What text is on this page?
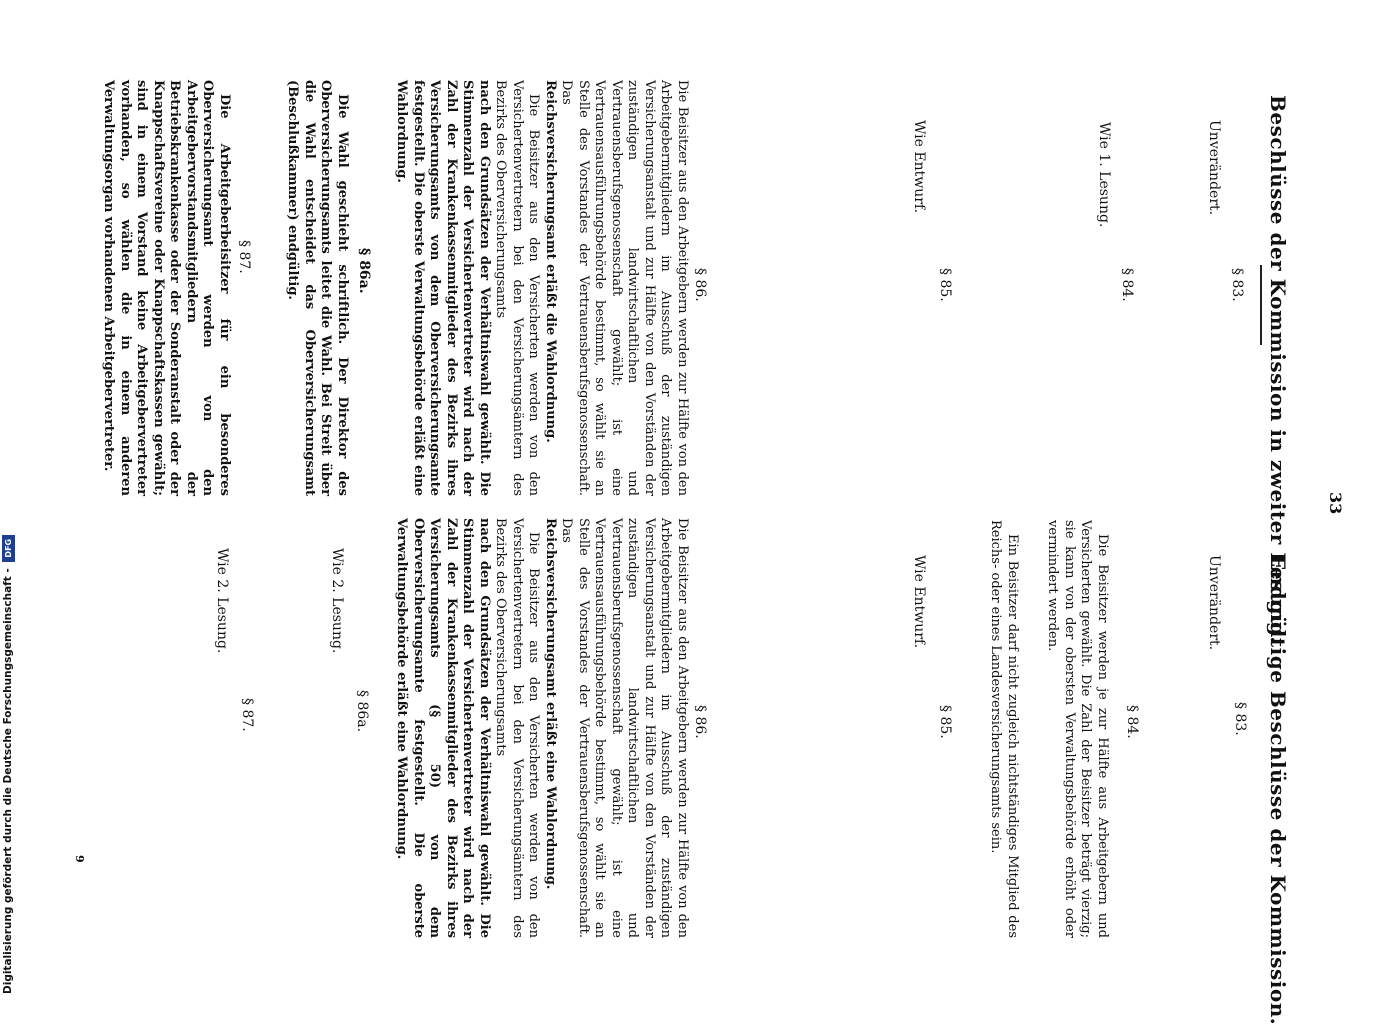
33
Beschlüsse der Kommission in zweiter Lesung.
Unverändert.
§ 83.
Wie 1. Lesung.
§ 84.
Wie Entwurf.
§ 85.
§ 86.

Die Beisitzer aus den Arbeitgebern werden zur Hälfte von den Arbeitgebermitgliedern im Ausschuß der zuständigen Versicherungsanstalt und zur Hälfte von den Vorständen der zuständigen landwirtschaftlichen und Vertrauensberufsgenossenschaft gewählt; ist eine Vertrauensausführungsbehörde bestimmt, so wählt sie an Stelle des Vorstandes der Vertrauensberufsgenossenschaft. Das

Reichsversicherungsamt erläßt die Wahlordnung.

Die Beisitzer aus den Versicherten werden von den Versichertenvertretern bei den Versicherungsämtern des Bezirks des Oberversicherungsamts

nach den Grundsätzen der Verhältniswahl gewählt. Die Stimmenzahl der Versichertenvertreter wird nach der Zahl der Krankenkassenmitglieder des Bezirks ihres Versicherungsamts von dem Oberversicherungsamte festgestellt. Die oberste Verwaltungsbehörde erläßt eine Wahlordnung.

§ 86a.

Die Wahl geschieht schriftlich. Der Direktor des Oberversicherungsamts leitet die Wahl. Bei Streit über die Wahl entscheidet das Oberversicherungsamt (Beschlußkammer) endgültig.

§ 87.

Die Arbeitgeberbeisitzer für ein besonderes Oberversicherungsamt werden von den Arbeitgebervorstandsmitgliedern der Betriebskrankenkasse oder der Sonderanstalt oder der Knappschaftsvereine oder Knappschaftskassen gewählt; sind in einem Vorstand keine Arbeitgebervertreter vorhanden, so wählen die in einem anderen Verwaltungsorgan vorhandenen Arbeitgebervertreter.

Endgültige Beschlüsse der Kommission.
Unverändert.
§ 83.
§ 84.

Die Beisitzer werden je zur Hälfte aus Arbeitgebern und Versicherten gewählt. Die Zahl der Beisitzer beträgt vierzig; sie kann von der obersten Verwaltungsbehörde erhöht oder vermindert werden.

Ein Beisitzer darf nicht zugleich nichtständiges Mitglied des Reichs- oder eines Landesversicherungsamts sein.

Wie Entwurf.
§ 85.
§ 86.

Die Beisitzer aus den Arbeitgebern werden zur Hälfte von den Arbeitgebermitgliedern im Ausschuß der zuständigen Versicherungsanstalt und zur Hälfte von den Vorständen der zuständigen landwirtschaftlichen und Vertrauensberufsgenossenschaft gewählt; ist eine Vertrauensausführungsbehörde bestimmt, so wählt sie an Stelle des Vorstandes der Vertrauensberufsgenossenschaft. Das

Reichsversicherungsamt erläßt eine Wahlordnung.

Die Beisitzer aus den Versicherten werden von den Versichertenvertretern bei den Versicherungsämtern des Bezirks des Oberversicherungsamts

nach den Grundsätzen der Verhältniswahl gewählt. Die Stimmenzahl der Versichertenvertreter wird nach der Zahl der Krankenkassenmitglieder des Bezirks ihres Versicherungsamts (§ 50) von dem Oberversicherungsamte festgestellt. Die oberste Verwaltungsbehörde erläßt eine Wahlordnung.

Wie 2. Lesung.
§ 86a.
Wie 2. Lesung.
§ 87.
9
Digitalisierung gefördert durch die Deutsche Forschungsgemeinschaft - DFG
